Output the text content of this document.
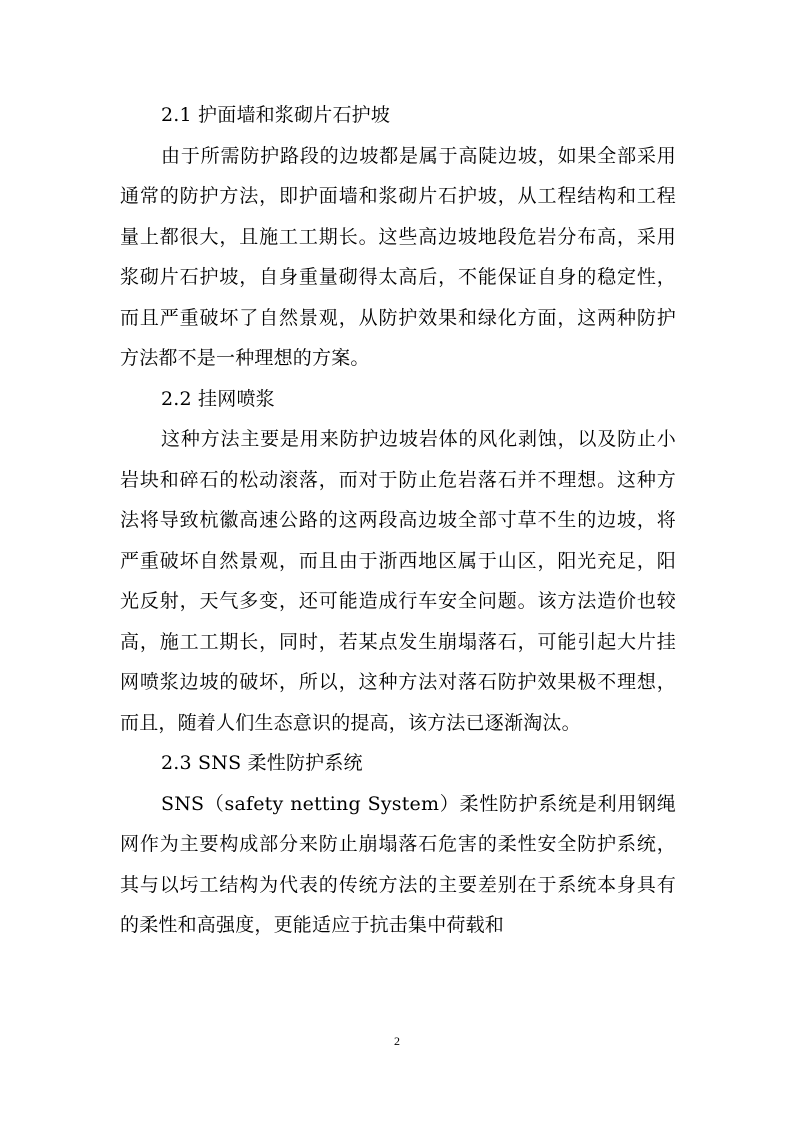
2.1 护面墙和浆砌片石护坡

由于所需防护路段的边坡都是属于高陡边坡，如果全部采用通常的防护方法，即护面墙和浆砌片石护坡，从工程结构和工程量上都很大，且施工工期长。这些高边坡地段危岩分布高，采用浆砌片石护坡，自身重量砌得太高后，不能保证自身的稳定性，而且严重破坏了自然景观，从防护效果和绿化方面，这两种防护方法都不是一种理想的方案。

2.2 挂网喷浆

这种方法主要是用来防护边坡岩体的风化剥蚀，以及防止小岩块和碎石的松动滚落，而对于防止危岩落石并不理想。这种方法将导致杭徽高速公路的这两段高边坡全部寸草不生的边坡，将严重破坏自然景观，而且由于浙西地区属于山区，阳光充足，阳光反射，天气多变，还可能造成行车安全问题。该方法造价也较高，施工工期长，同时，若某点发生崩塌落石，可能引起大片挂网喷浆边坡的破坏，所以，这种方法对落石防护效果极不理想，而且，随着人们生态意识的提高，该方法已逐渐淘汰。

2.3 SNS 柔性防护系统

SNS（safety netting System）柔性防护系统是利用钢绳网作为主要构成部分来防止崩塌落石危害的柔性安全防护系统，其与以圬工结构为代表的传统方法的主要差别在于系统本身具有的柔性和高强度，更能适应于抗击集中荷载和

2
